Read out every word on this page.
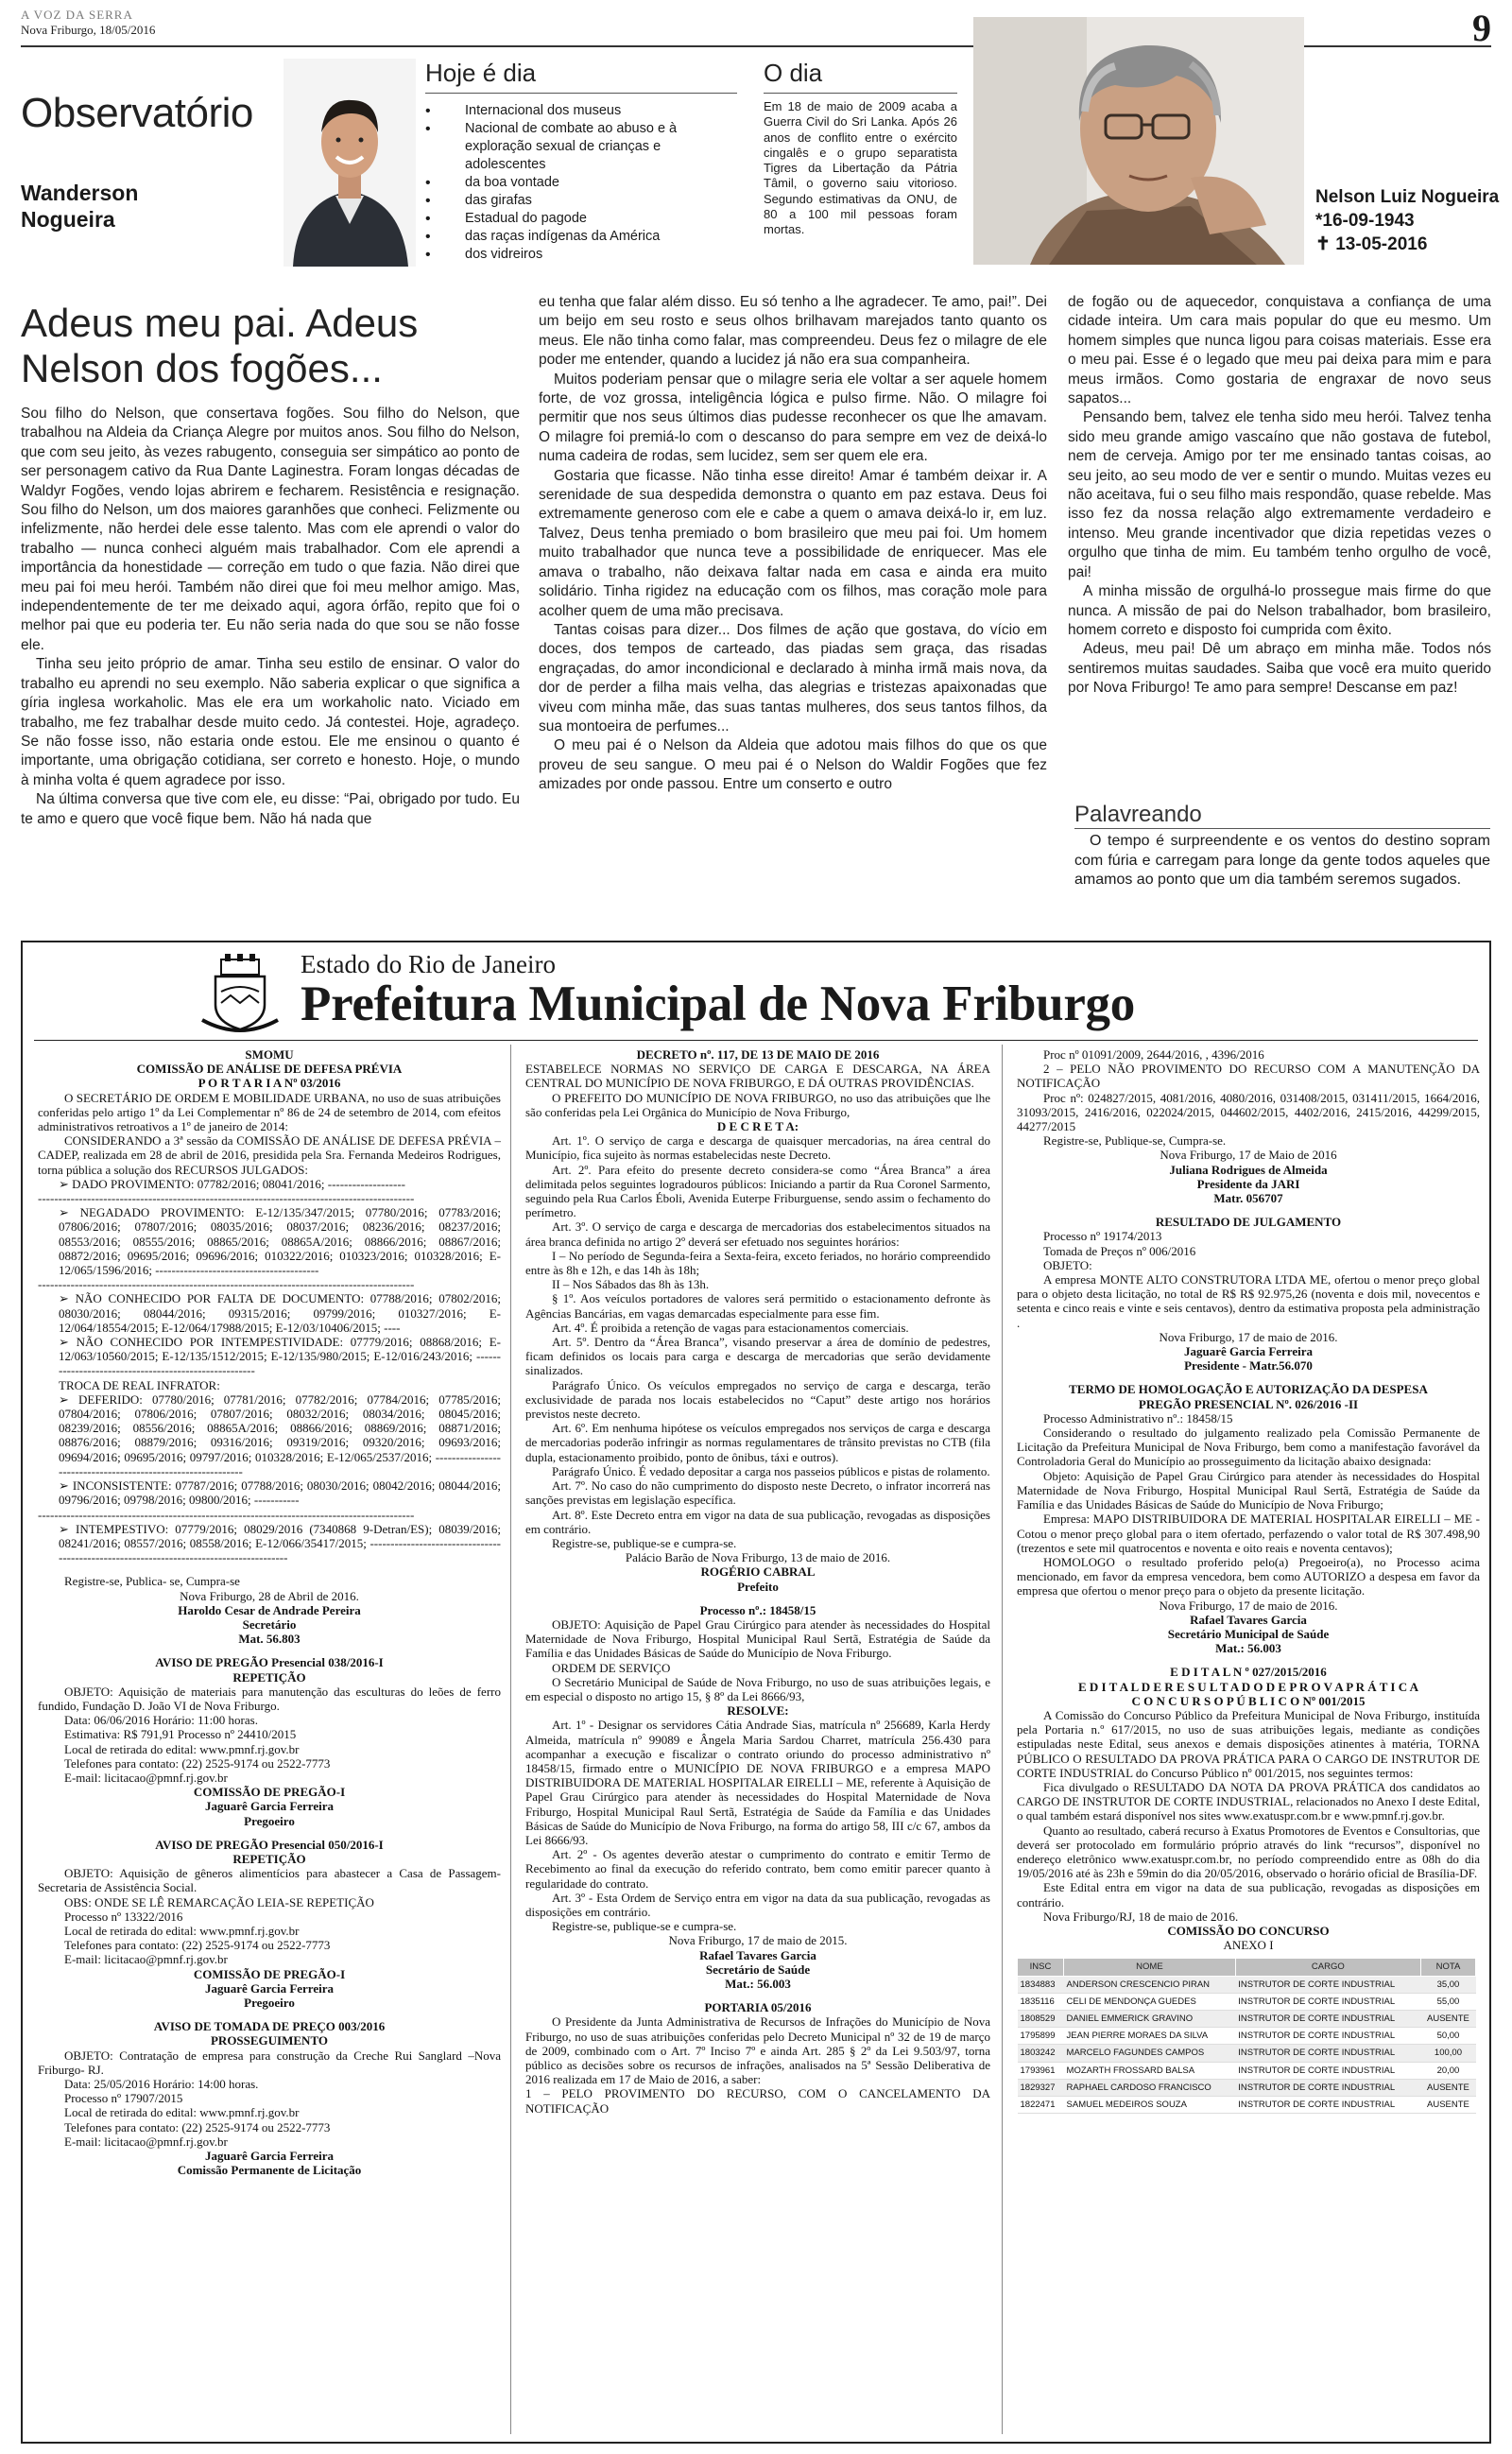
A VOZ DA SERRA
Nova Friburgo, 18/05/2016	9
Observatório
Wanderson
Nogueira
Hoje é dia
• Internacional dos museus
• Nacional de combate ao abuso e à exploração sexual de crianças e adolescentes
• da boa vontade
• das girafas
• Estadual do pagode
• das raças indígenas da América
• dos vidreiros
O dia
Em 18 de maio de 2009 acaba a Guerra Civil do Sri Lanka. Após 26 anos de conflito entre o exército cingalês e o grupo separatista Tigres da Libertação da Pátria Tâmil, o governo saiu vitorioso. Segundo estimativas da ONU, de 80 a 100 mil pessoas foram mortas.
Nelson Luiz Nogueira
*16-09-1943
✝ 13-05-2016
Adeus meu pai. Adeus Nelson dos fogões...

Sou filho do Nelson, que consertava fogões. Sou filho do Nelson, que trabalhou na Aldeia da Criança Alegre por muitos anos. Sou filho do Nelson, que com seu jeito, às vezes rabugento, conseguia ser simpático ao ponto de ser personagem cativo da Rua Dante Laginestra. Foram longas décadas de Waldyr Fogões, vendo lojas abrirem e fecharem. Resistência e resignação. Sou filho do Nelson, um dos maiores garanhões que conheci. Felizmente ou infelizmente, não herdei dele esse talento. Mas com ele aprendi o valor do trabalho — nunca conheci alguém mais trabalhador. Com ele aprendi a importância da honestidade — correção em tudo o que fazia. Não direi que meu pai foi meu herói. Também não direi que foi meu melhor amigo. Mas, independentemente de ter me deixado aqui, agora órfão, repito que foi o melhor pai que eu poderia ter. Eu não seria nada do que sou se não fosse ele.

Tinha seu jeito próprio de amar. Tinha seu estilo de ensinar. O valor do trabalho eu aprendi no seu exemplo. Não saberia explicar o que significa a gíria inglesa workaholic. Mas ele era um workaholic nato. Viciado em trabalho, me fez trabalhar desde muito cedo. Já contestei. Hoje, agradeço. Se não fosse isso, não estaria onde estou. Ele me ensinou o quanto é importante, uma obrigação cotidiana, ser correto e honesto. Hoje, o mundo à minha volta é quem agradece por isso.

Na última conversa que tive com ele, eu disse: “Pai, obrigado por tudo. Eu te amo e quero que você fique bem. Não há nada que

eu tenha que falar além disso. Eu só tenho a lhe agradecer. Te amo, pai!”. Dei um beijo em seu rosto e seus olhos brilhavam marejados tanto quanto os meus. Ele não tinha como falar, mas compreendeu. Deus fez o milagre de ele poder me entender, quando a lucidez já não era sua companheira.

Muitos poderiam pensar que o milagre seria ele voltar a ser aquele homem forte, de voz grossa, inteligência lógica e pulso firme. Não. O milagre foi permitir que nos seus últimos dias pudesse reconhecer os que lhe amavam. O milagre foi premiá-lo com o descanso do para sempre em vez de deixá-lo numa cadeira de rodas, sem lucidez, sem ser quem ele era.

Gostaria que ficasse. Não tinha esse direito! Amar é também deixar ir. A serenidade de sua despedida demonstra o quanto em paz estava. Deus foi extremamente generoso com ele e cabe a quem o amava deixá-lo ir, em luz. Talvez, Deus tenha premiado o bom brasileiro que meu pai foi. Um homem muito trabalhador que nunca teve a possibilidade de enriquecer. Mas ele amava o trabalho, não deixava faltar nada em casa e ainda era muito solidário. Tinha rigidez na educação com os filhos, mas coração mole para acolher quem de uma mão precisava.

Tantas coisas para dizer... Dos filmes de ação que gostava, do vício em doces, dos tempos de carteado, das piadas sem graça, das risadas engraçadas, do amor incondicional e declarado à minha irmã mais nova, da dor de perder a filha mais velha, das alegrias e tristezas apaixonadas que viveu com minha mãe, das suas tantas mulheres, dos seus tantos filhos, da sua montoeira de perfumes...

O meu pai é o Nelson da Aldeia que adotou mais filhos do que os que proveu de seu sangue. O meu pai é o Nelson do Waldir Fogões que fez amizades por onde passou. Entre um conserto e outro

de fogão ou de aquecedor, conquistava a confiança de uma cidade inteira. Um cara mais popular do que eu mesmo. Um homem simples que nunca ligou para coisas materiais. Esse era o meu pai. Esse é o legado que meu pai deixa para mim e para meus irmãos. Como gostaria de engraxar de novo seus sapatos...

Pensando bem, talvez ele tenha sido meu herói. Talvez tenha sido meu grande amigo vascaíno que não gostava de futebol, nem de cerveja. Amigo por ter me ensinado tantas coisas, ao seu jeito, ao seu modo de ver e sentir o mundo. Muitas vezes eu não aceitava, fui o seu filho mais respondão, quase rebelde. Mas isso fez da nossa relação algo extremamente verdadeiro e intenso. Meu grande incentivador que dizia repetidas vezes o orgulho que tinha de mim. Eu também tenho orgulho de você, pai!

A minha missão de orgulhá-lo prossegue mais firme do que nunca. A missão de pai do Nelson trabalhador, bom brasileiro, homem correto e disposto foi cumprida com êxito.

Adeus, meu pai! Dê um abraço em minha mãe. Todos nós sentiremos muitas saudades. Saiba que você era muito querido por Nova Friburgo! Te amo para sempre! Descanse em paz!

Palavreando
O tempo é surpreendente e os ventos do destino sopram com fúria e carregam para longe da gente todos aqueles que amamos ao ponto que um dia também seremos sugados.
Estado do Rio de Janeiro
Prefeitura Municipal de Nova Friburgo
SMOMU
COMISSÃO DE ANÁLISE DE DEFESA PRÉVIA
P O R T A R I A Nº 03/2016
O SECRETÁRIO DE ORDEM E MOBILIDADE URBANA, no uso de suas atribuições conferidas pelo artigo 1º da Lei Complementar nº 86 de 24 de setembro de 2014, com efeitos administrativos retroativos a 1º de janeiro de 2014:
CONSIDERANDO a 3ª sessão da COMISSÃO DE ANÁLISE DE DEFESA PRÉVIA – CADEP, realizada em 28 de abril de 2016, presidida pela Sra. Fernanda Medeiros Rodrigues, torna pública a solução dos RECURSOS JULGADOS:
➢ DADO PROVIMENTO: 07782/2016; 08041/2016; -------------------
--------------------------------------------------------------------------------------------
➢ NEGADADO PROVIMENTO: E-12/135/347/2015; 07780/2016; 07783/2016; 07806/2016; 07807/2016; 08035/2016; 08037/2016; 08236/2016; 08237/2016; 08553/2016; 08555/2016; 08865/2016; 08865A/2016; 08866/2016; 08867/2016; 08872/2016; 09695/2016; 09696/2016; 010322/2016; 010323/2016; 010328/2016; E-12/065/1596/2016; ----------------------------------------
--------------------------------------------------------------------------------------------
➢ NÃO CONHECIDO POR FALTA DE DOCUMENTO: 07788/2016; 07802/2016; 08030/2016; 08044/2016; 09315/2016; 09799/2016; 010327/2016; E-12/064/18554/2015; E-12/064/17988/2015; E-12/03/10406/2015; ----
➢ NÃO CONHECIDO POR INTEMPESTIVIDADE: 07779/2016; 08868/2016; E-12/063/10560/2015; E-12/135/1512/2015; E-12/135/980/2015; E-12/016/243/2016; ------------------------------------------------------
TROCA DE REAL INFRATOR:
➢ DEFERIDO: 07780/2016; 07781/2016; 07782/2016; 07784/2016; 07785/2016; 07804/2016; 07806/2016; 07807/2016; 08032/2016; 08034/2016; 08045/2016; 08239/2016; 08556/2016; 08865A/2016; 08866/2016; 08869/2016; 08871/2016; 08876/2016; 08879/2016; 09316/2016; 09319/2016; 09320/2016; 09693/2016; 09694/2016; 09695/2016; 09797/2016; 010328/2016; E-12/065/2537/2016; -------------------------------------------------------------
➢ INCONSISTENTE: 07787/2016; 07788/2016; 08030/2016; 08042/2016; 08044/2016; 09796/2016; 09798/2016; 09800/2016; -----------
--------------------------------------------------------------------------------------------
➢ INTEMPESTIVO: 07779/2016; 08029/2016 (7340868 9-Detran/ES); 08039/2016; 08241/2016; 08557/2016; 08558/2016; E-12/066/35417/2015; ----------------------------------------------------------------------------------------
Registre-se, Publica- se, Cumpra-se
Nova Friburgo, 28 de Abril de 2016.
Haroldo Cesar de Andrade Pereira
Secretário
Mat. 56.803
AVISO DE PREGÃO Presencial 038/2016-I
REPETIÇÃO
OBJETO: Aquisição de materiais para manutenção das esculturas do leões de ferro fundido, Fundação D. João VI de Nova Friburgo.
Data: 06/06/2016 Horário: 11:00 horas.
Estimativa: R$ 791,91 Processo nº 24410/2015
Local de retirada do edital: www.pmnf.rj.gov.br
Telefones para contato: (22) 2525-9174 ou 2522-7773
E-mail: licitacao@pmnf.rj.gov.br
COMISSÃO DE PREGÃO-I
Jaguarê Garcia Ferreira
Pregoeiro
AVISO DE PREGÃO Presencial 050/2016-I
REPETIÇÃO
OBJETO: Aquisição de gêneros alimentícios para abastecer a Casa de Passagem- Secretaria de Assistência Social.
OBS: ONDE SE LÊ REMARCAÇÃO LEIA-SE REPETIÇÃO
Processo nº 13322/2016
Local de retirada do edital: www.pmnf.rj.gov.br
Telefones para contato: (22) 2525-9174 ou 2522-7773
E-mail: licitacao@pmnf.rj.gov.br
COMISSÃO DE PREGÃO-I
Jaguarê Garcia Ferreira
Pregoeiro
AVISO DE TOMADA DE PREÇO 003/2016
PROSSEGUIMENTO
OBJETO: Contratação de empresa para construção da Creche Rui Sanglard –Nova Friburgo- RJ.
Data: 25/05/2016 Horário: 14:00 horas.
Processo nº 17907/2015
Local de retirada do edital: www.pmnf.rj.gov.br
Telefones para contato: (22) 2525-9174 ou 2522-7773
E-mail: licitacao@pmnf.rj.gov.br
Jaguarê Garcia Ferreira
Comissão Permanente de Licitação
DECRETO nº. 117, DE 13 DE MAIO DE 2016
ESTABELECE NORMAS NO SERVIÇO DE CARGA E DESCARGA, NA ÁREA CENTRAL DO MUNICÍPIO DE NOVA FRIBURGO, E DÁ OUTRAS PROVIDÊNCIAS.
O PREFEITO DO MUNICÍPIO DE NOVA FRIBURGO, no uso das atribuições que lhe são conferidas pela Lei Orgânica do Município de Nova Friburgo,
D E C R E T A:
Art. 1º. O serviço de carga e descarga de quaisquer mercadorias, na área central do Município, fica sujeito às normas estabelecidas neste Decreto.
Art. 2º. Para efeito do presente decreto considera-se como “Área Branca” a área delimitada pelos seguintes logradouros públicos: Iniciando a partir da Rua Coronel Sarmento, seguindo pela Rua Carlos Éboli, Avenida Euterpe Friburguense, sendo assim o fechamento do perímetro.
Art. 3º. O serviço de carga e descarga de mercadorias dos estabelecimentos situados na área branca definida no artigo 2º deverá ser efetuado nos seguintes horários:
I – No período de Segunda-feira a Sexta-feira, exceto feriados, no horário compreendido entre às 8h e 12h, e das 14h às 18h;
II – Nos Sábados das 8h às 13h.
§ 1º. Aos veículos portadores de valores será permitido o estacionamento defronte às Agências Bancárias, em vagas demarcadas especialmente para esse fim.
Art. 4º. É proibida a retenção de vagas para estacionamentos comerciais.
Art. 5º. Dentro da “Área Branca”, visando preservar a área de domínio de pedestres, ficam definidos os locais para carga e descarga de mercadorias que serão devidamente sinalizados.
Parágrafo Único. Os veículos empregados no serviço de carga e descarga, terão exclusividade de parada nos locais estabelecidos no “Caput” deste artigo nos horários previstos neste decreto.
Art. 6º. Em nenhuma hipótese os veículos empregados nos serviços de carga e descarga de mercadorias poderão infringir as normas regulamentares de trânsito previstas no CTB (fila dupla, estacionamento proibido, ponto de ônibus, táxi e outros).
Parágrafo Único. É vedado depositar a carga nos passeios públicos e pistas de rolamento.
Art. 7º. No caso do não cumprimento do disposto neste Decreto, o infrator incorrerá nas sanções previstas em legislação específica.
Art. 8º. Este Decreto entra em vigor na data de sua publicação, revogadas as disposições em contrário.
Registre-se, publique-se e cumpra-se.
Palácio Barão de Nova Friburgo, 13 de maio de 2016.
ROGÉRIO CABRAL
Prefeito
Processo nº.: 18458/15
OBJETO: Aquisição de Papel Grau Cirúrgico para atender às necessidades do Hospital Maternidade de Nova Friburgo, Hospital Municipal Raul Sertã, Estratégia de Saúde da Família e das Unidades Básicas de Saúde do Município de Nova Friburgo.
ORDEM DE SERVIÇO
O Secretário Municipal de Saúde de Nova Friburgo, no uso de suas atribuições legais, e em especial o disposto no artigo 15, § 8º da Lei 8666/93,
RESOLVE:
Art. 1º - Designar os servidores Cátia Andrade Sias, matrícula nº 256689, Karla Herdy Almeida, matrícula nº 99089 e Ângela Maria Sardou Charret, matrícula 256.430 para acompanhar a execução e fiscalizar o contrato oriundo do processo administrativo nº 18458/15, firmado entre o MUNICÍPIO DE NOVA FRIBURGO e a empresa MAPO DISTRIBUIDORA DE MATERIAL HOSPITALAR EIRELLI – ME, referente à Aquisição de Papel Grau Cirúrgico para atender às necessidades do Hospital Maternidade de Nova Friburgo, Hospital Municipal Raul Sertã, Estratégia de Saúde da Família e das Unidades Básicas de Saúde do Município de Nova Friburgo, na forma do artigo 58, III c/c 67, ambos da Lei 8666/93.
Art. 2º - Os agentes deverão atestar o cumprimento do contrato e emitir Termo de Recebimento ao final da execução do referido contrato, bem como emitir parecer quanto à regularidade do contrato.
Art. 3º - Esta Ordem de Serviço entra em vigor na data da sua publicação, revogadas as disposições em contrário.
Registre-se, publique-se e cumpra-se.
Nova Friburgo, 17 de maio de 2015.
Rafael Tavares Garcia
Secretário de Saúde
Mat.: 56.003
PORTARIA 05/2016
O Presidente da Junta Administrativa de Recursos de Infrações do Município de Nova Friburgo, no uso de suas atribuições conferidas pelo Decreto Municipal nº 32 de 19 de março de 2009, combinado com o Art. 7º Inciso 7º e ainda Art. 285 § 2º da Lei 9.503/97, torna público as decisões sobre os recursos de infrações, analisados na 5ª Sessão Deliberativa de 2016 realizada em 17 de Maio de 2016, a saber:
1 – PELO PROVIMENTO DO RECURSO, COM O CANCELAMENTO DA NOTIFICAÇÃO
Proc nº 01091/2009, 2644/2016, , 4396/2016
2 – PELO NÃO PROVIMENTO DO RECURSO COM A MANUTENÇÃO DA NOTIFICAÇÃO
Proc nº: 024827/2015, 4081/2016, 4080/2016, 031408/2015, 031411/2015, 1664/2016, 31093/2015, 2416/2016, 022024/2015, 044602/2015, 4402/2016, 2415/2016, 44299/2015, 44277/2015
Registre-se, Publique-se, Cumpra-se.
Nova Friburgo, 17 de Maio de 2016
Juliana Rodrigues de Almeida
Presidente da JARI
Matr. 056707
RESULTADO DE JULGAMENTO
Processo nº 19174/2013
Tomada de Preços nº 006/2016
OBJETO:
A empresa MONTE ALTO CONSTRUTORA LTDA ME, ofertou o menor preço global para o objeto desta licitação, no total de R$ R$ 92.975,26 (noventa e dois mil, novecentos e setenta e cinco reais e vinte e seis centavos), dentro da estimativa proposta pela administração .
Nova Friburgo, 17 de maio de 2016.
Jaguarê Garcia Ferreira
Presidente - Matr.56.070
TERMO DE HOMOLOGAÇÃO E AUTORIZAÇÃO DA DESPESA
PREGÃO PRESENCIAL Nº. 026/2016 -II
Processo Administrativo nº.: 18458/15
Considerando o resultado do julgamento realizado pela Comissão Permanente de Licitação da Prefeitura Municipal de Nova Friburgo, bem como a manifestação favorável da Controladoria Geral do Município ao prosseguimento da licitação abaixo designada:
Objeto: Aquisição de Papel Grau Cirúrgico para atender às necessidades do Hospital Maternidade de Nova Friburgo, Hospital Municipal Raul Sertã, Estratégia de Saúde da Família e das Unidades Básicas de Saúde do Município de Nova Friburgo;
Empresa: MAPO DISTRIBUIDORA DE MATERIAL HOSPITALAR EIRELLI – ME - Cotou o menor preço global para o item ofertado, perfazendo o valor total de R$ 307.498,90 (trezentos e sete mil quatrocentos e noventa e oito reais e noventa centavos);
HOMOLOGO o resultado proferido pelo(a) Pregoeiro(a), no Processo acima mencionado, em favor da empresa vencedora, bem como AUTORIZO a despesa em favor da empresa que ofertou o menor preço para o objeto da presente licitação.
Nova Friburgo, 17 de maio de 2016.
Rafael Tavares Garcia
Secretário Municipal de Saúde
Mat.: 56.003
E D I T A L N º 027/2015/2016
E D I T A L D E R E S U L T A D O D E P R O V A P R Á T I C A
C O N C U R S O P Ú B L I C O Nº 001/2015
A Comissão do Concurso Público da Prefeitura Municipal de Nova Friburgo, instituída pela Portaria n.º 617/2015, no uso de suas atribuições legais, mediante as condições estipuladas neste Edital, seus anexos e demais disposições atinentes à matéria, TORNA PÚBLICO O RESULTADO DA PROVA PRÁTICA PARA O CARGO DE INSTRUTOR DE CORTE INDUSTRIAL do Concurso Público nº 001/2015, nos seguintes termos:
Fica divulgado o RESULTADO DA NOTA DA PROVA PRÁTICA dos candidatos ao CARGO DE INSTRUTOR DE CORTE INDUSTRIAL, relacionados no Anexo I deste Edital, o qual também estará disponível nos sites www.exatuspr.com.br e www.pmnf.rj.gov.br.
Quanto ao resultado, caberá recurso à Exatus Promotores de Eventos e Consultorias, que deverá ser protocolado em formulário próprio através do link “recursos”, disponível no endereço eletrônico www.exatuspr.com.br, no período compreendido entre as 08h do dia 19/05/2016 até às 23h e 59min do dia 20/05/2016, observado o horário oficial de Brasília-DF.
Este Edital entra em vigor na data de sua publicação, revogadas as disposições em contrário.
Nova Friburgo/RJ, 18 de maio de 2016.
COMISSÃO DO CONCURSO
ANEXO I
INSC	NOME	CARGO	NOTA
1834883	ANDERSON CRESCENCIO PIRAN	INSTRUTOR DE CORTE INDUSTRIAL	35,00
1835116	CELI DE MENDONÇA GUEDES	INSTRUTOR DE CORTE INDUSTRIAL	55,00
1808529	DANIEL EMMERICK GRAVINO	INSTRUTOR DE CORTE INDUSTRIAL	AUSENTE
1795899	JEAN PIERRE MORAES DA SILVA	INSTRUTOR DE CORTE INDUSTRIAL	50,00
1803242	MARCELO FAGUNDES CAMPOS	INSTRUTOR DE CORTE INDUSTRIAL	100,00
1793961	MOZARTH FROSSARD BALSA	INSTRUTOR DE CORTE INDUSTRIAL	20,00
1829327	RAPHAEL CARDOSO FRANCISCO	INSTRUTOR DE CORTE INDUSTRIAL	AUSENTE
1822471	SAMUEL MEDEIROS SOUZA	INSTRUTOR DE CORTE INDUSTRIAL	AUSENTE
